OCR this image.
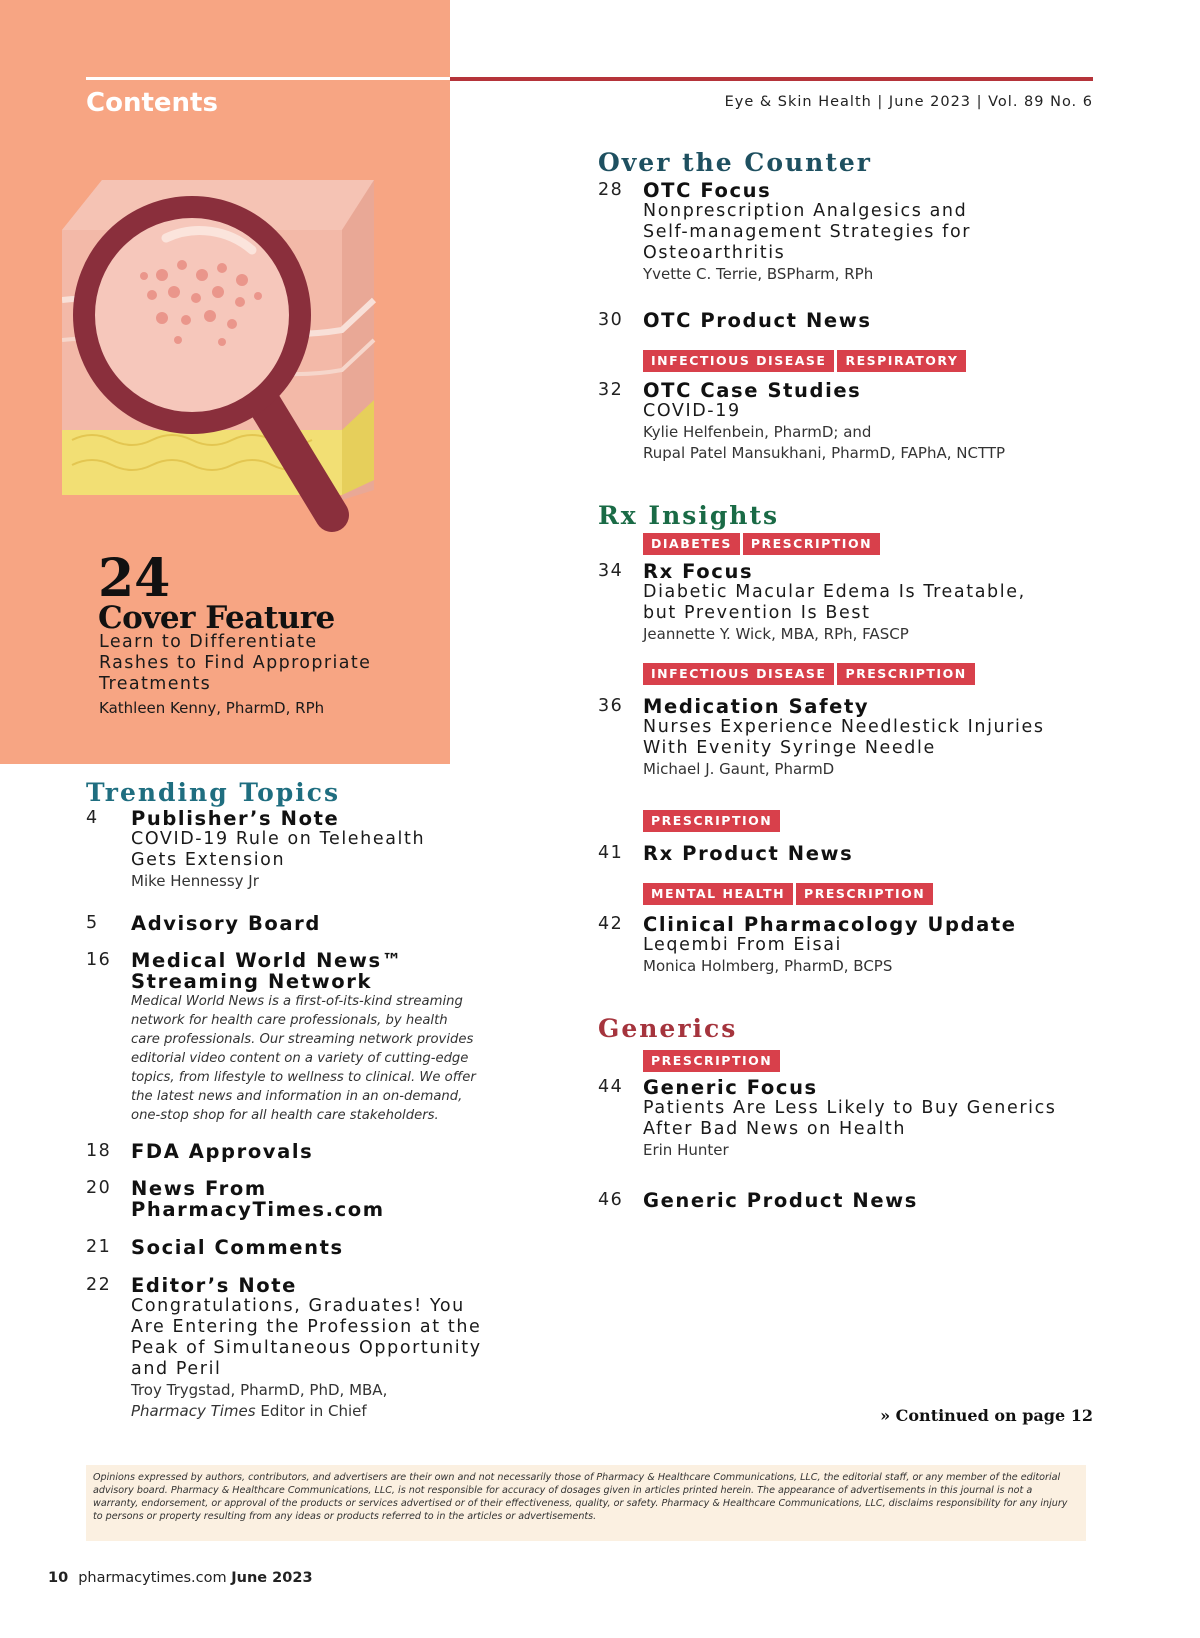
Contents	Eye & Skin Health | June 2023 | Vol. 89 No. 6
24
Cover Feature
Learn to Differentiate
Rashes to Find Appropriate
Treatments
Kathleen Kenny, PharmD, RPh
Trending Topics
Over the Counter
Rx Insights
Generics
4 Publisher’s Note
COVID-19 Rule on Telehealth
Gets Extension
Mike Hennessy Jr
5 Advisory Board
16 Medical World News™
Streaming Network
Medical World News is a first-of-its-kind streaming
network for health care professionals, by health
care professionals. Our streaming network provides
editorial video content on a variety of cutting-edge
topics, from lifestyle to wellness to clinical. We offer
the latest news and information in an on-demand,
one-stop shop for all health care stakeholders.
18 FDA Approvals
20 News From
PharmacyTimes.com
21 Social Comments
22 Editor’s Note
Congratulations, Graduates! You
Are Entering the Profession at the
Peak of Simultaneous Opportunity
and Peril
Troy Trygstad, PharmD, PhD, MBA,
Pharmacy Times Editor in Chief
28 OTC Focus
Nonprescription Analgesics and
Self-management Strategies for
Osteoarthritis
Yvette C. Terrie, BSPharm, RPh
30 OTC Product News
INFECTIOUS DISEASE	RESPIRATORY
32 OTC Case Studies
COVID-19
Kylie Helfenbein, PharmD; and
Rupal Patel Mansukhani, PharmD, FAPhA, NCTTP
DIABETES	PRESCRIPTION
34 Rx Focus
Diabetic Macular Edema Is Treatable,
but Prevention Is Best
Jeannette Y. Wick, MBA, RPh, FASCP
INFECTIOUS DISEASE	PRESCRIPTION
36 Medication Safety
Nurses Experience Needlestick Injuries
With Evenity Syringe Needle
Michael J. Gaunt, PharmD
PRESCRIPTION
41 Rx Product News
MENTAL HEALTH	PRESCRIPTION
42 Clinical Pharmacology Update
Leqembi From Eisai
Monica Holmberg, PharmD, BCPS
PRESCRIPTION
44 Generic Focus
Patients Are Less Likely to Buy Generics
After Bad News on Health
Erin Hunter
46 Generic Product News
» Continued on page 12
Opinions expressed by authors, contributors, and advertisers are their own and not necessarily those of Pharmacy & Healthcare Communications, LLC, the editorial staff, or any member of the editorial advisory board. Pharmacy & Healthcare Communications, LLC, is not responsible for accuracy of dosages given in articles printed herein. The appearance of advertisements in this journal is not a warranty, endorsement, or approval of the products or services advertised or of their effectiveness, quality, or safety. Pharmacy & Healthcare Communications, LLC, disclaims responsibility for any injury to persons or property resulting from any ideas or products referred to in the articles or advertisements.
10 pharmacytimes.com June 2023
